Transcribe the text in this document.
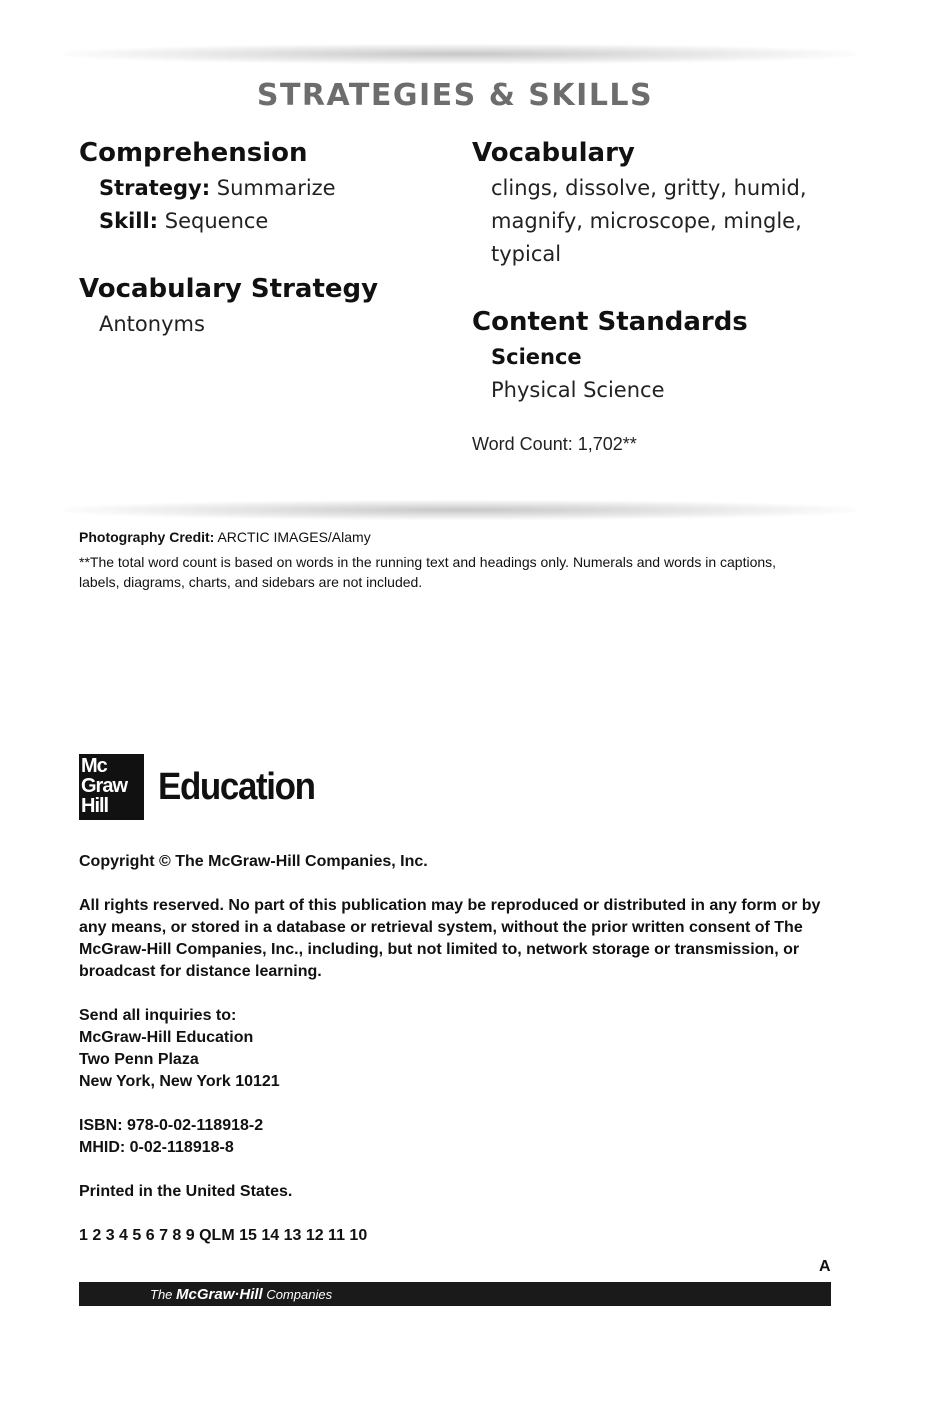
STRATEGIES & SKILLS
Comprehension
Strategy: Summarize
Skill: Sequence
Vocabulary Strategy
Antonyms
Vocabulary
clings, dissolve, gritty, humid,
magnify, microscope, mingle,
typical
Content Standards
Science
Physical Science
Word Count: 1,702**
Photography Credit: ARCTIC IMAGES/Alamy
**The total word count is based on words in the running text and headings only. Numerals and words in captions, labels, diagrams, charts, and sidebars are not included.
Mc
Graw
Hill	Education
Copyright © The McGraw-Hill Companies, Inc.
All rights reserved. No part of this publication may be reproduced or distributed in any form or by any means, or stored in a database or retrieval system, without the prior written consent of The McGraw-Hill Companies, Inc., including, but not limited to, network storage or transmission, or broadcast for distance learning.
Send all inquiries to:
McGraw-Hill Education
Two Penn Plaza
New York, New York 10121
ISBN: 978-0-02-118918-2
MHID: 0-02-118918-8
Printed in the United States.
1 2 3 4 5 6 7 8 9 QLM 15 14 13 12 11 10
A
The McGraw·Hill Companies
